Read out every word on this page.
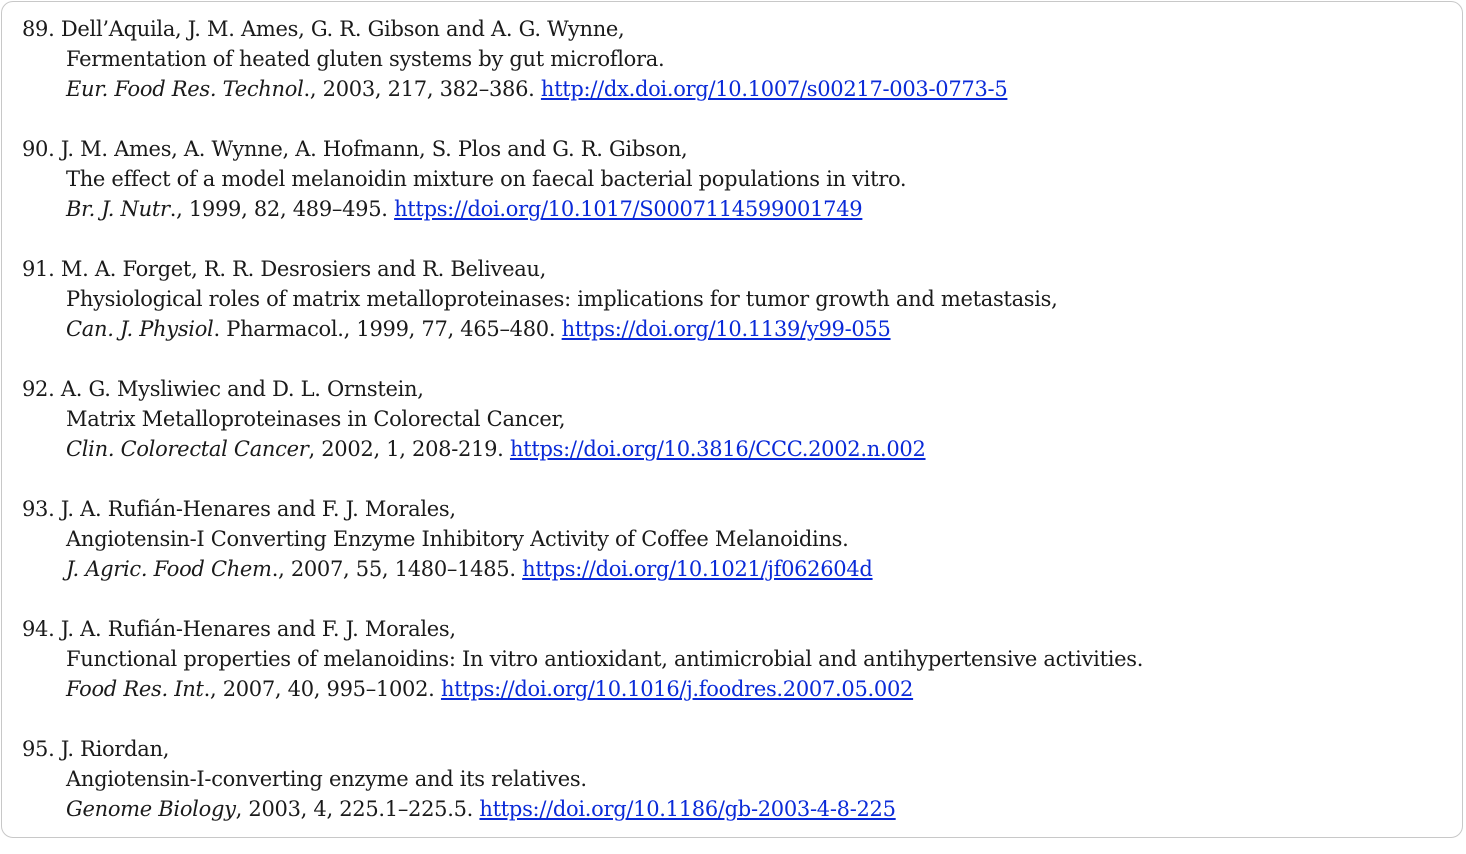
89. Dell’Aquila, J. M. Ames, G. R. Gibson and A. G. Wynne,
Fermentation of heated gluten systems by gut microflora.
Eur. Food Res. Technol., 2003, 217, 382–386. http://dx.doi.org/10.1007/s00217-003-0773-5
90. J. M. Ames, A. Wynne, A. Hofmann, S. Plos and G. R. Gibson,
The effect of a model melanoidin mixture on faecal bacterial populations in vitro.
Br. J. Nutr., 1999, 82, 489–495. https://doi.org/10.1017/S0007114599001749
91. M. A. Forget, R. R. Desrosiers and R. Beliveau,
Physiological roles of matrix metalloproteinases: implications for tumor growth and metastasis,
Can. J. Physiol. Pharmacol., 1999, 77, 465–480. https://doi.org/10.1139/y99-055
92. A. G. Mysliwiec and D. L. Ornstein,
Matrix Metalloproteinases in Colorectal Cancer,
Clin. Colorectal Cancer, 2002, 1, 208-219. https://doi.org/10.3816/CCC.2002.n.002
93. J. A. Rufián-Henares and F. J. Morales,
Angiotensin-I Converting Enzyme Inhibitory Activity of Coffee Melanoidins.
J. Agric. Food Chem., 2007, 55, 1480–1485. https://doi.org/10.1021/jf062604d
94. J. A. Rufián-Henares and F. J. Morales,
Functional properties of melanoidins: In vitro antioxidant, antimicrobial and antihypertensive activities.
Food Res. Int., 2007, 40, 995–1002. https://doi.org/10.1016/j.foodres.2007.05.002
95. J. Riordan,
Angiotensin-I-converting enzyme and its relatives.
Genome Biology, 2003, 4, 225.1–225.5. https://doi.org/10.1186/gb-2003-4-8-225
